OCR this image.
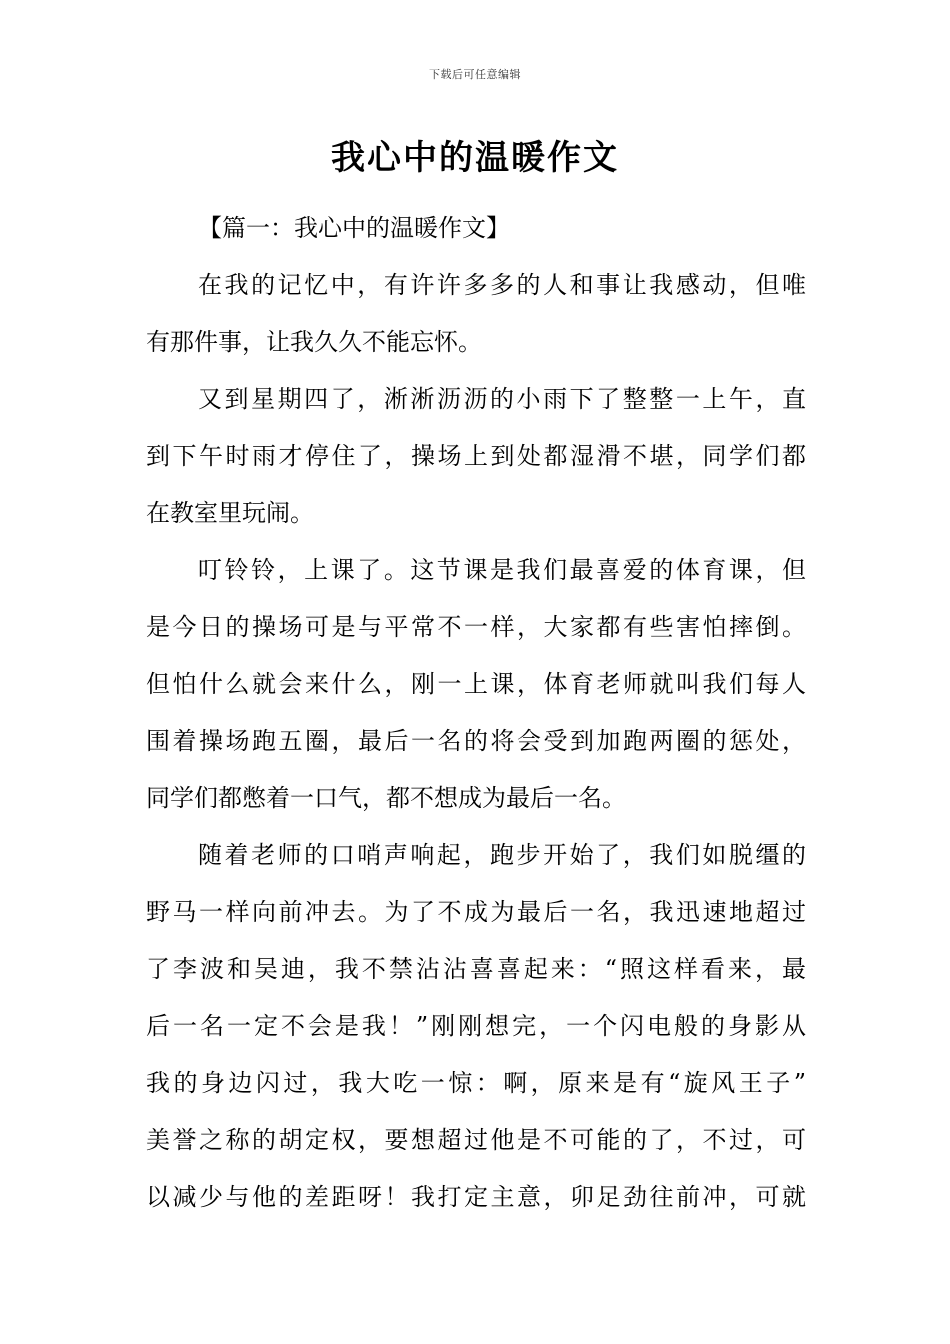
下载后可任意编辑
我心中的温暖作文
【篇一：我心中的温暖作文】
在我的记忆中，有许许多多的人和事让我感动，但唯
有那件事，让我久久不能忘怀。
又到星期四了，淅淅沥沥的小雨下了整整一上午，直
到下午时雨才停住了，操场上到处都湿滑不堪，同学们都
在教室里玩闹。
叮铃铃，上课了。这节课是我们最喜爱的体育课，但
是今日的操场可是与平常不一样，大家都有些害怕摔倒。
但怕什么就会来什么，刚一上课，体育老师就叫我们每人
围着操场跑五圈，最后一名的将会受到加跑两圈的惩处，
同学们都憋着一口气，都不想成为最后一名。
随着老师的口哨声响起，跑步开始了，我们如脱缰的
野马一样向前冲去。为了不成为最后一名，我迅速地超过
了李波和吴迪，我不禁沾沾喜喜起来：“照这样看来，最
后一名一定不会是我！”刚刚想完，一个闪电般的身影从
我的身边闪过，我大吃一惊：啊，原来是有“旋风王子”
美誉之称的胡定权，要想超过他是不可能的了，不过，可
以减少与他的差距呀！我打定主意，卯足劲往前冲，可就
